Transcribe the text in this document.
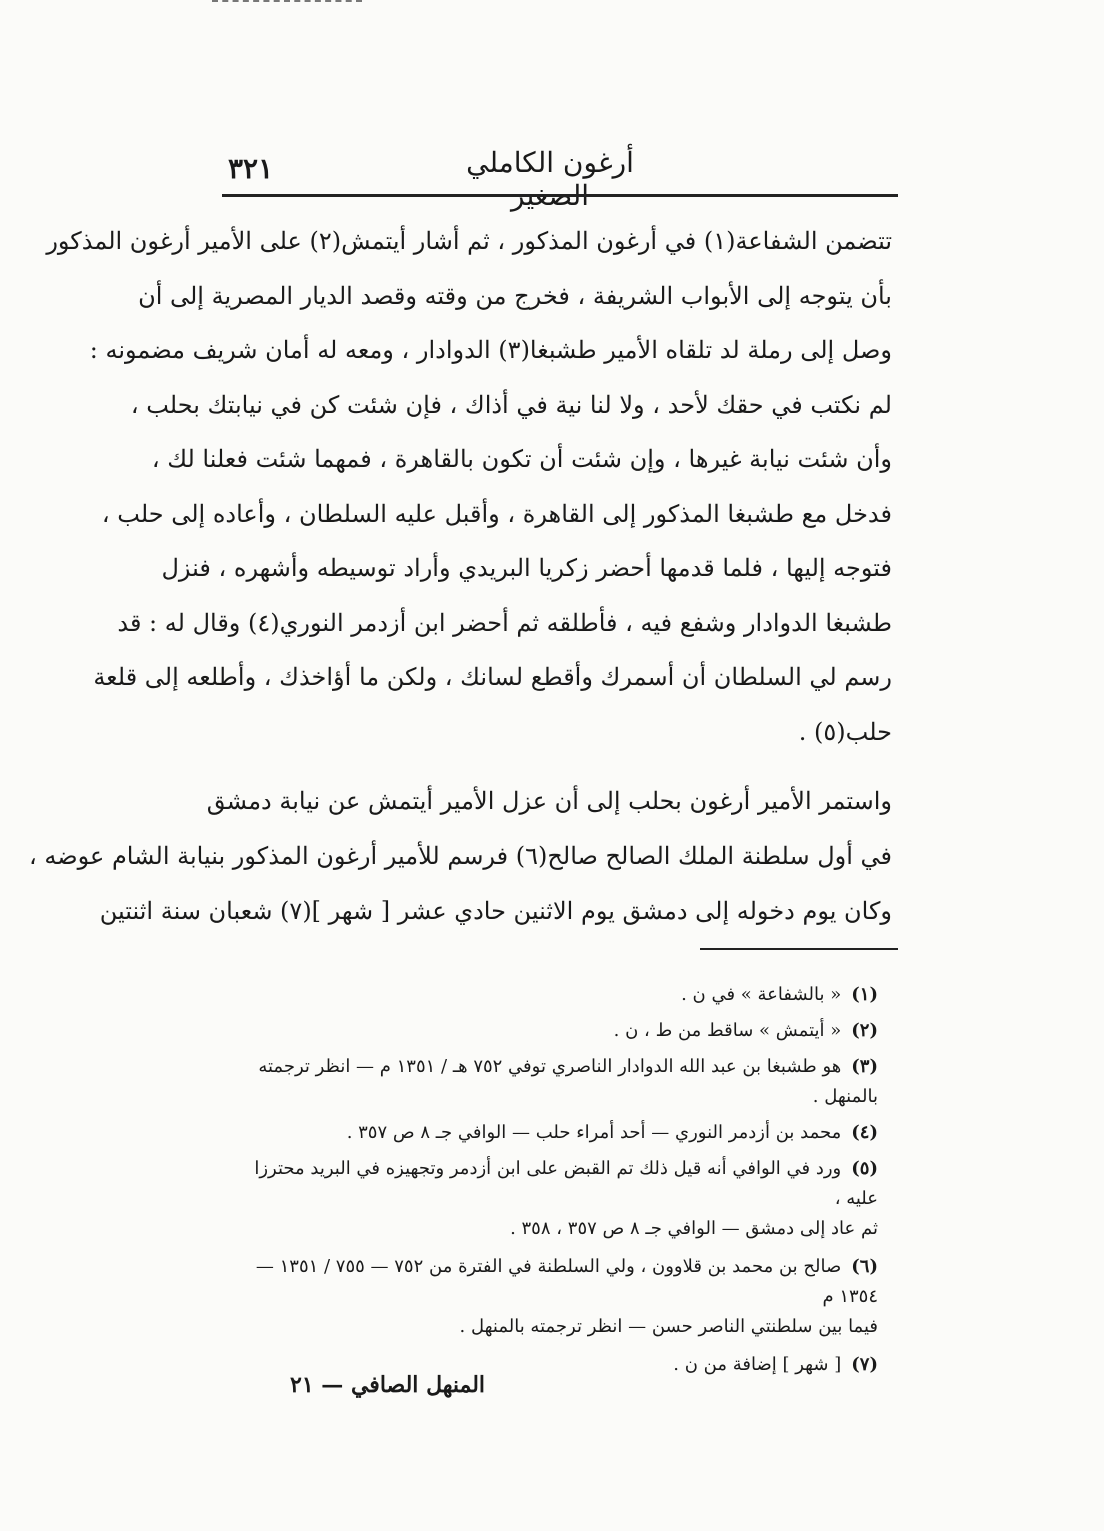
٣٢١	أرغون الكاملي الصغير
تتضمن الشفاعة(١) في أرغون المذكور ، ثم أشار أيتمش(٢) على الأمير أرغون المذكور
بأن يتوجه إلى الأبواب الشريفة ، فخرج من وقته وقصد الديار المصرية إلى أن
وصل إلى رملة لد تلقاه الأمير طشبغا(٣) الدوادار ، ومعه له أمان شريف مضمونه :
لم نكتب في حقك لأحد ، ولا لنا نية في أذاك ، فإن شئت كن في نيابتك بحلب ،
وأن شئت نيابة غيرها ، وإن شئت أن تكون بالقاهرة ، فمهما شئت فعلنا لك ،
فدخل مع طشبغا المذكور إلى القاهرة ، وأقبل عليه السلطان ، وأعاده إلى حلب ،
فتوجه إليها ، فلما قدمها أحضر زكريا البريدي وأراد توسيطه وأشهره ، فنزل
طشبغا الدوادار وشفع فيه ، فأطلقه ثم أحضر ابن أزدمر النوري(٤) وقال له : قد
رسم لي السلطان أن أسمرك وأقطع لسانك ، ولكن ما أؤاخذك ، وأطلعه إلى قلعة
حلب(٥) .
واستمر الأمير أرغون بحلب إلى أن عزل الأمير أيتمش عن نيابة دمشق
في أول سلطنة الملك الصالح صالح(٦) فرسم للأمير أرغون المذكور بنيابة الشام عوضه ،
وكان يوم دخوله إلى دمشق يوم الاثنين حادي عشر [ شهر ](٧) شعبان سنة اثنتين
(١)« بالشفاعة » في ن .
(٢)« أيتمش » ساقط من ط ، ن .
(٣)هو طشبغا بن عبد الله الدوادار الناصري توفي ٧٥٢ هـ / ١٣٥١ م — انظر ترجمته بالمنهل .
(٤)محمد بن أزدمر النوري — أحد أمراء حلب — الوافي جـ ٨ ص ٣٥٧ .
(٥)ورد في الوافي أنه قيل ذلك تم القبض على ابن أزدمر وتجهيزه في البريد محترزا عليه ،
ثم عاد إلى دمشق — الوافي جـ ٨ ص ٣٥٧ ، ٣٥٨ .
(٦)صالح بن محمد بن قلاوون ، ولي السلطنة في الفترة من ٧٥٢ — ٧٥٥ / ١٣٥١ — ١٣٥٤ م
فيما بين سلطنتي الناصر حسن — انظر ترجمته بالمنهل .
(٧)[ شهر ] إضافة من ن .
المنهل الصافي — ٢١
